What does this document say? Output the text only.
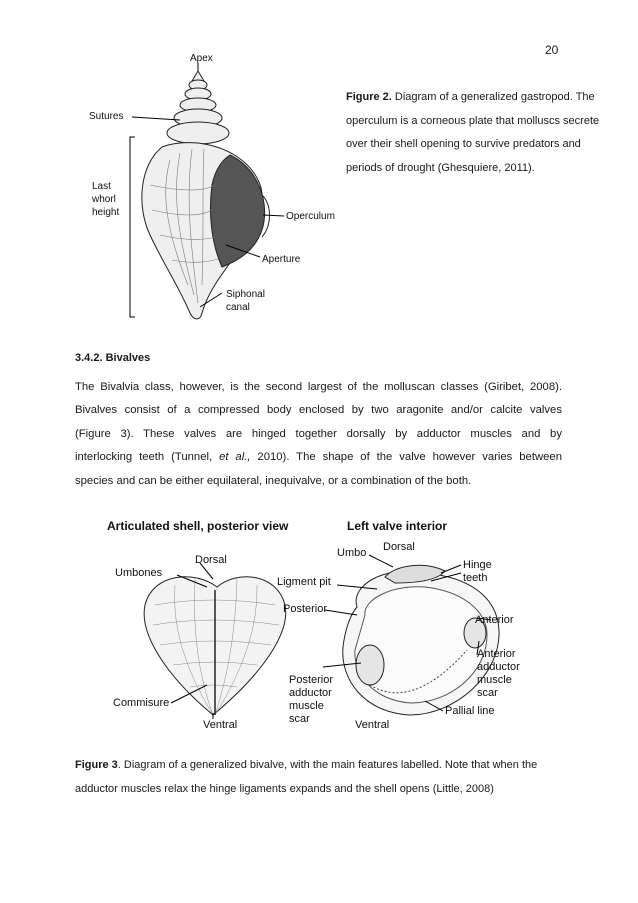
20
Apex
Sutures
Last
whorl
height	Operculum
Aperture
Siphonal
canal
Figure 2. Diagram of a generalized gastropod. The operculum is a corneous plate that molluscs secrete over their shell opening to survive predators and periods of drought (Ghesquiere, 2011).
3.4.2. Bivalves
The Bivalvia class, however, is the second largest of the molluscan classes (Giribet, 2008).
Bivalves consist of a compressed body enclosed by two aragonite and/or calcite valves
(Figure 3). These valves are hinged together dorsally by adductor muscles and by
interlocking teeth (Tunnel, et al., 2010). The shape of the valve however varies between
species and can be either equilateral, inequivalve, or a combination of the both.
Articulated shell, posterior view	Left valve interior
Dorsal
Umbones
Commisure
Ventral
Umbo Dorsal
Hinge
teeth
Ligment pit
Posterior
Anterior
Anterior
adductor
muscle
scar
Posterior
adductor
muscle
scar
Pallial line
Ventral
Figure 3. Diagram of a generalized bivalve, with the main features labelled. Note that when the adductor muscles relax the hinge ligaments expands and the shell opens (Little, 2008)
